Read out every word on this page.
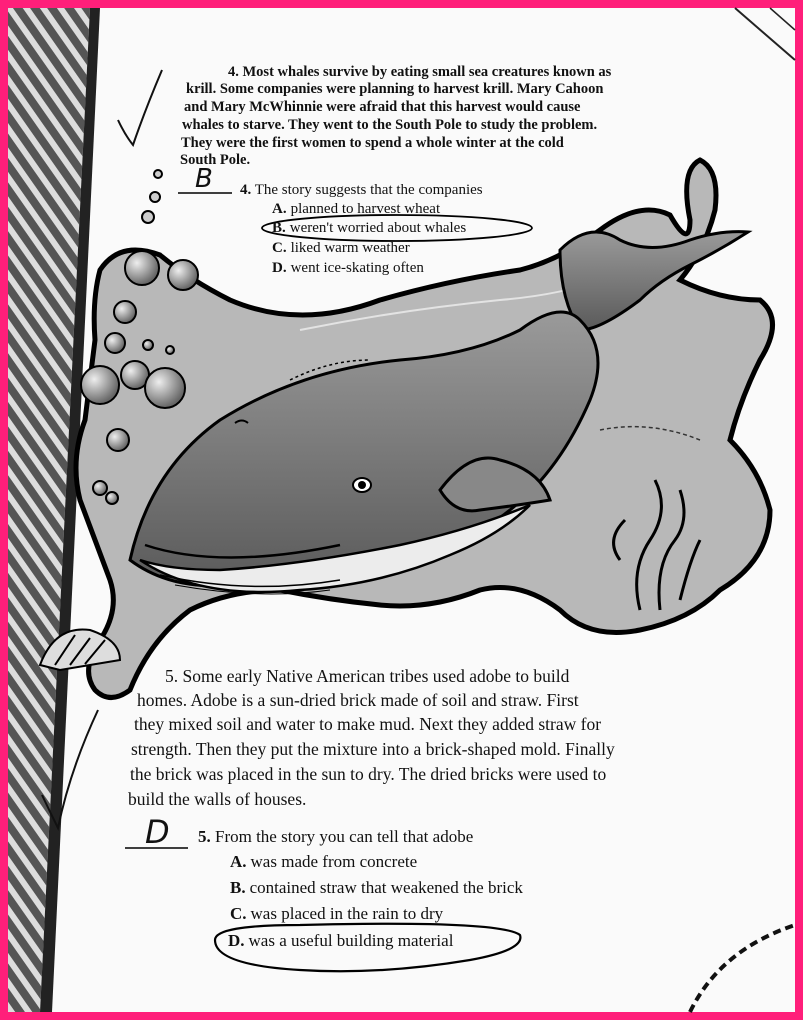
4. Most whales survive by eating small sea creatures known as
krill. Some companies were planning to harvest krill. Mary Cahoon
and Mary McWhinnie were afraid that this harvest would cause
whales to starve. They went to the South Pole to study the problem.
They were the first women to spend a whole winter at the cold
South Pole.
B 4. The story suggests that the companies
A. planned to harvest wheat
B. weren't worried about whales
C. liked warm weather
D. went ice-skating often
5. Some early Native American tribes used adobe to build
homes. Adobe is a sun-dried brick made of soil and straw. First
they mixed soil and water to make mud. Next they added straw for
strength. Then they put the mixture into a brick-shaped mold. Finally
the brick was placed in the sun to dry. The dried bricks were used to
build the walls of houses.
D 5. From the story you can tell that adobe
A. was made from concrete
B. contained straw that weakened the brick
C. was placed in the rain to dry
D. was a useful building material
